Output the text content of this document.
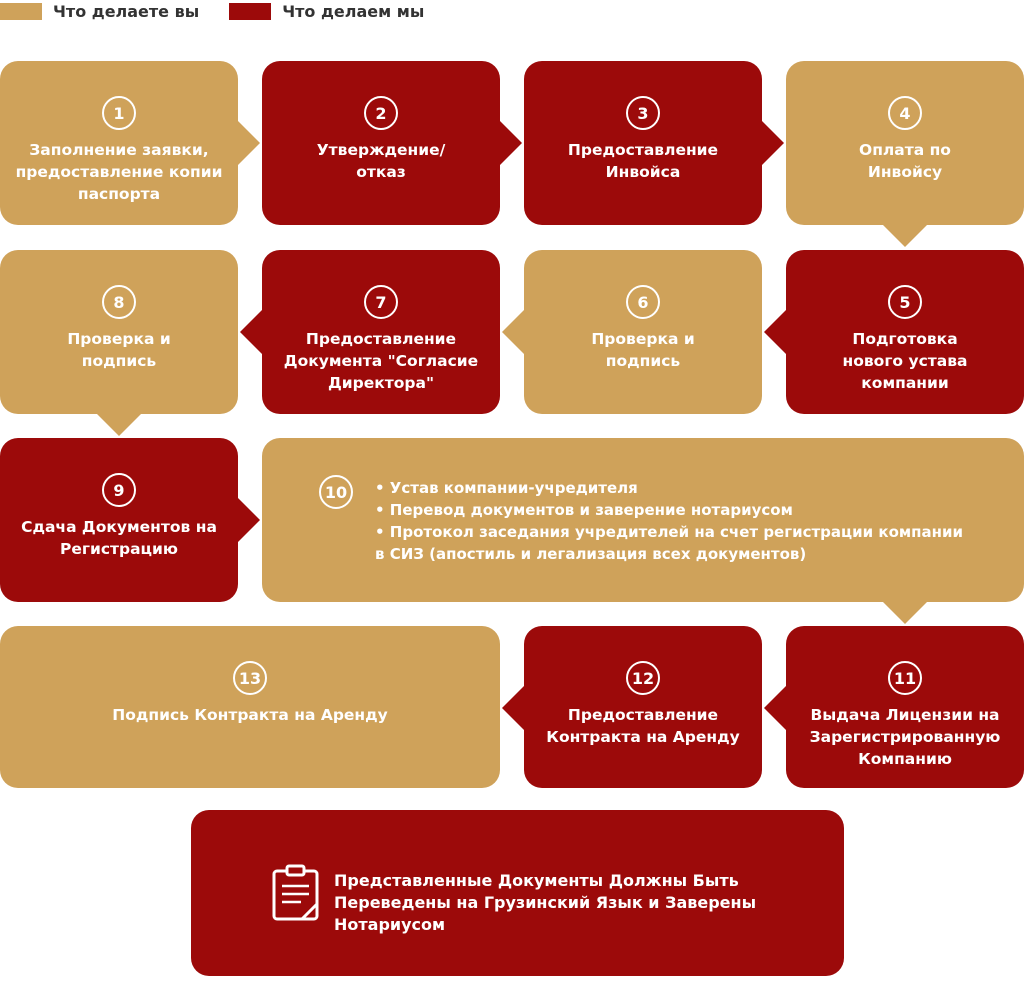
Что делаете вы	Что делаем мы
1
Заполнение заявки, предоставление копии паспорта
2
Утверждение/ отказ
3
Предоставление Инвойса
4
Оплата по Инвойсу
8
Проверка и подпись
7
Предоставление Документа "Согласие Директора"
6
Проверка и подпись
5
Подготовка нового устава компании
9
Сдача Документов на Регистрацию
10	• Устав компании-учредителя
• Перевод документов и заверение нотариусом
• Протокол заседания учредителей на счет регистрации компании
в СИЗ (апостиль и легализация всех документов)
13
Подпись Контракта на Аренду
12
Предоставление Контракта на Аренду
11
Выдача Лицензии на Зарегистрированную Компанию
Представленные Документы Должны Быть
Переведены на Грузинский Язык и Заверены
Нотариусом
